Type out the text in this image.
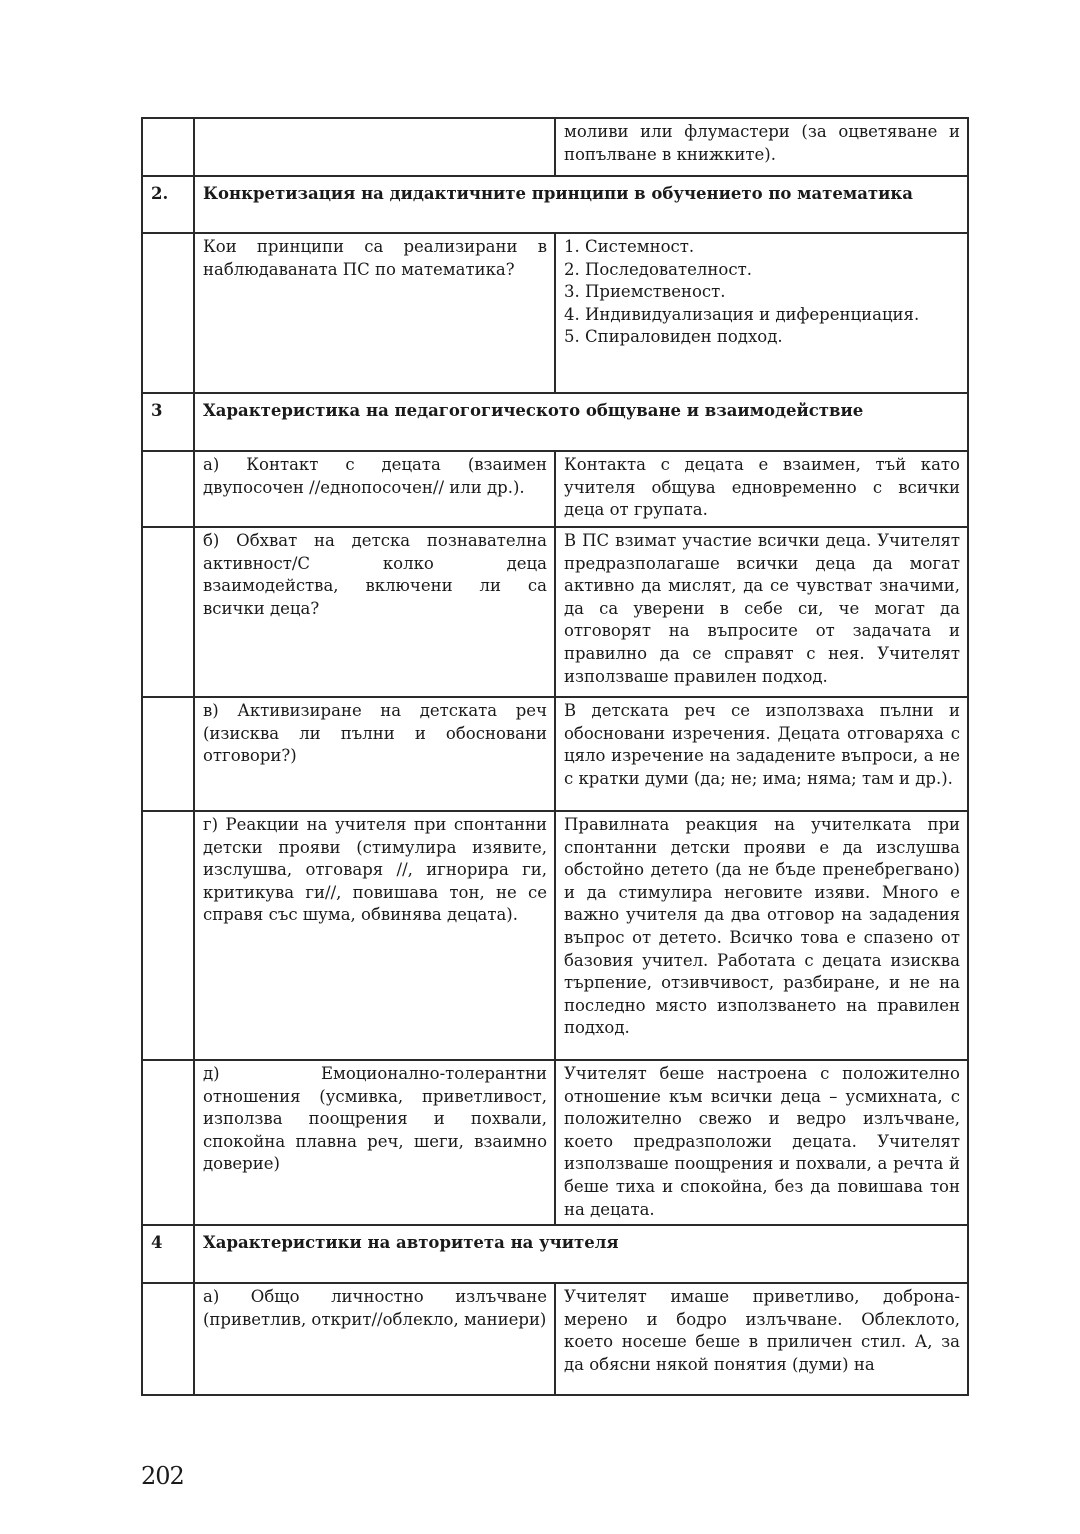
		моливи или флумастери (за оцветяване и попълване в книжките).
2.	Конкретизация на дидактичните принципи в обучението по математика	
	Кои принципи са реализирани в наблюдаваната ПС по математика?	1. Системност.
2. Последователност.
3. Приемственост.
4. Индивидуализация и диференциация.
5. Спираловиден подход.

3	Характеристика на педагогогическото общуване и взаимодействие	
	а) Контакт с децата (взаимен двупосочен //еднопосочен// или др.).	Контакта с децата е взаимен, тъй като учителя общува едновременно с всички деца от групата.
	б) Обхват на детска познавателна активност/С колко деца взаимодейства, включени ли са всички деца?	В ПС взимат участие всички деца. Учителят предразполагаше всички деца да могат активно да мислят, да се чувстват значими, да са уверени в себе си, че могат да отговорят на въпросите от задачата и правилно да се справят с нея. Учителят използваше правилен подход.
	в) Активизиране на детската реч (изисква ли пълни и обосновани отговори?)	В детската реч се използваха пълни и обосновани изречения. Децата отговаряха с цяло изречение на зададените въпроси, а не с кратки думи (да; не; има; няма; там и др.).
	г) Реакции на учителя при спонтанни детски прояви (стимулира изявите, изслушва, отговаря //, игнорира ги, критикува ги//, повишава тон, не се справя със шума, обвинява децата).	Правилната реакция на учителката при спонтанни детски прояви е да изслушва обстойно детето (да не бъде пренебрегвано) и да стимулира неговите изяви. Много е важно учителя да два отговор на зададения въпрос от детето. Всичко това е спазено от базовия учител. Работата с децата изисква търпение, отзивчивост, разбиране, и не на последно място използването на правилен подход.
	д) Емоционално-толерантни отношения (усмивка, приветливост, използва поощрения и похвали, спокойна плавна реч, шеги, взаимно доверие)	Учителят беше настроена с положително отношение към всички деца – усмихната, с положително свежо и ведро излъчване, което предразположи децата. Учителят използваше поощрения и похвали, а речта й беше тиха и спокойна, без да повишава тон на децата.
4	Характеристики на авторитета на учителя	
	а) Общо личностно излъчване (приветлив, открит//облекло, маниери)	Учителят имаше приветливо, доброна-мерено и бодро излъчване. Облеклото, което носеше беше в приличен стил. А, за да обясни някой понятия (думи) на
202
